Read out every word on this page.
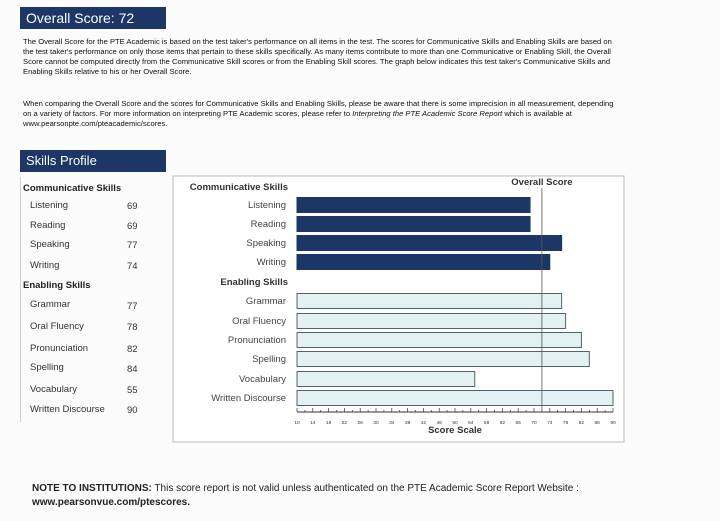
Overall Score: 72
The Overall Score for the PTE Academic is based on the test taker's performance on all items in the test. The scores for Communicative Skills and Enabling Skills are based on the test taker's performance on only those items that pertain to these skills specifically. As many items contribute to more than one Communicative or Enabling Skill, the Overall Score cannot be computed directly from the Communicative Skill scores or from the Enabling Skill scores. The graph below indicates this test taker's Communicative Skills and Enabling Skills relative to his or her Overall Score.
When comparing the Overall Score and the scores for Communicative Skills and Enabling Skills, please be aware that there is some imprecision in all measurement, depending on a variety of factors. For more information on interpreting PTE Academic scores, please refer to Interpreting the PTE Academic Score Report which is available at www.pearsonpte.com/pteacademic/scores.
Skills Profile
Communicative Skills
Listening	69
Reading	69
Speaking	77
Writing	74
Enabling Skills
Grammar	77
Oral Fluency	78
Pronunciation	82
Spelling	84
Vocabulary	55
Written Discourse 90
Overall Score
Communicative Skills
Listening
Reading
Speaking
Writing
Enabling Skills
Grammar
Oral Fluency
Pronunciation
Spelling
Vocabulary
Written Discourse
10 14 18 22 26 30 34 38 42 46 50 54 58 62 66 70 74 78 82 86 90
Score Scale
NOTE TO INSTITUTIONS: This score report is not valid unless authenticated on the PTE Academic Score Report Website : www.pearsonvue.com/ptescores.
